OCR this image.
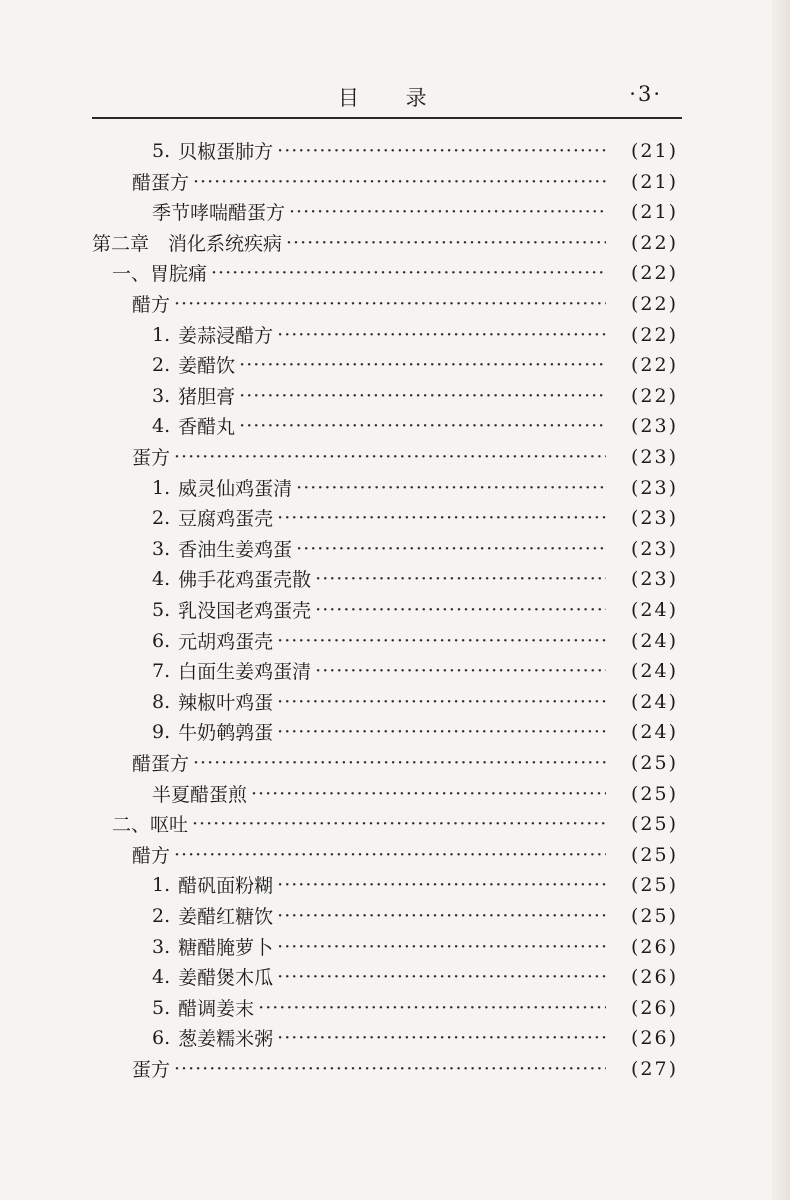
目 录	·3·
5. 贝椒蛋肺方 ·····	(21)
醋蛋方 ·····	(21)
季节哮喘醋蛋方 ·····	(21)
第二章　消化系统疾病 ·····	(22)
一、胃脘痛 ·····	(22)
醋方 ·····	(22)
1. 姜蒜浸醋方 ·····	(22)
2. 姜醋饮 ·····	(22)
3. 猪胆膏 ·····	(22)
4. 香醋丸 ·····	(23)
蛋方 ·····	(23)
1. 威灵仙鸡蛋清 ·····	(23)
2. 豆腐鸡蛋壳 ·····	(23)
3. 香油生姜鸡蛋 ·····	(23)
4. 佛手花鸡蛋壳散 ·····	(23)
5. 乳没国老鸡蛋壳 ·····	(24)
6. 元胡鸡蛋壳 ·····	(24)
7. 白面生姜鸡蛋清 ·····	(24)
8. 辣椒叶鸡蛋 ·····	(24)
9. 牛奶鹌鹑蛋 ·····	(24)
醋蛋方 ·····	(25)
半夏醋蛋煎 ·····	(25)
二、呕吐 ·····	(25)
醋方 ·····	(25)
1. 醋矾面粉糊 ·····	(25)
2. 姜醋红糖饮 ·····	(25)
3. 糖醋腌萝卜 ·····	(26)
4. 姜醋煲木瓜 ·····	(26)
5. 醋调姜末 ·····	(26)
6. 葱姜糯米粥 ·····	(26)
蛋方 ·····	(27)
